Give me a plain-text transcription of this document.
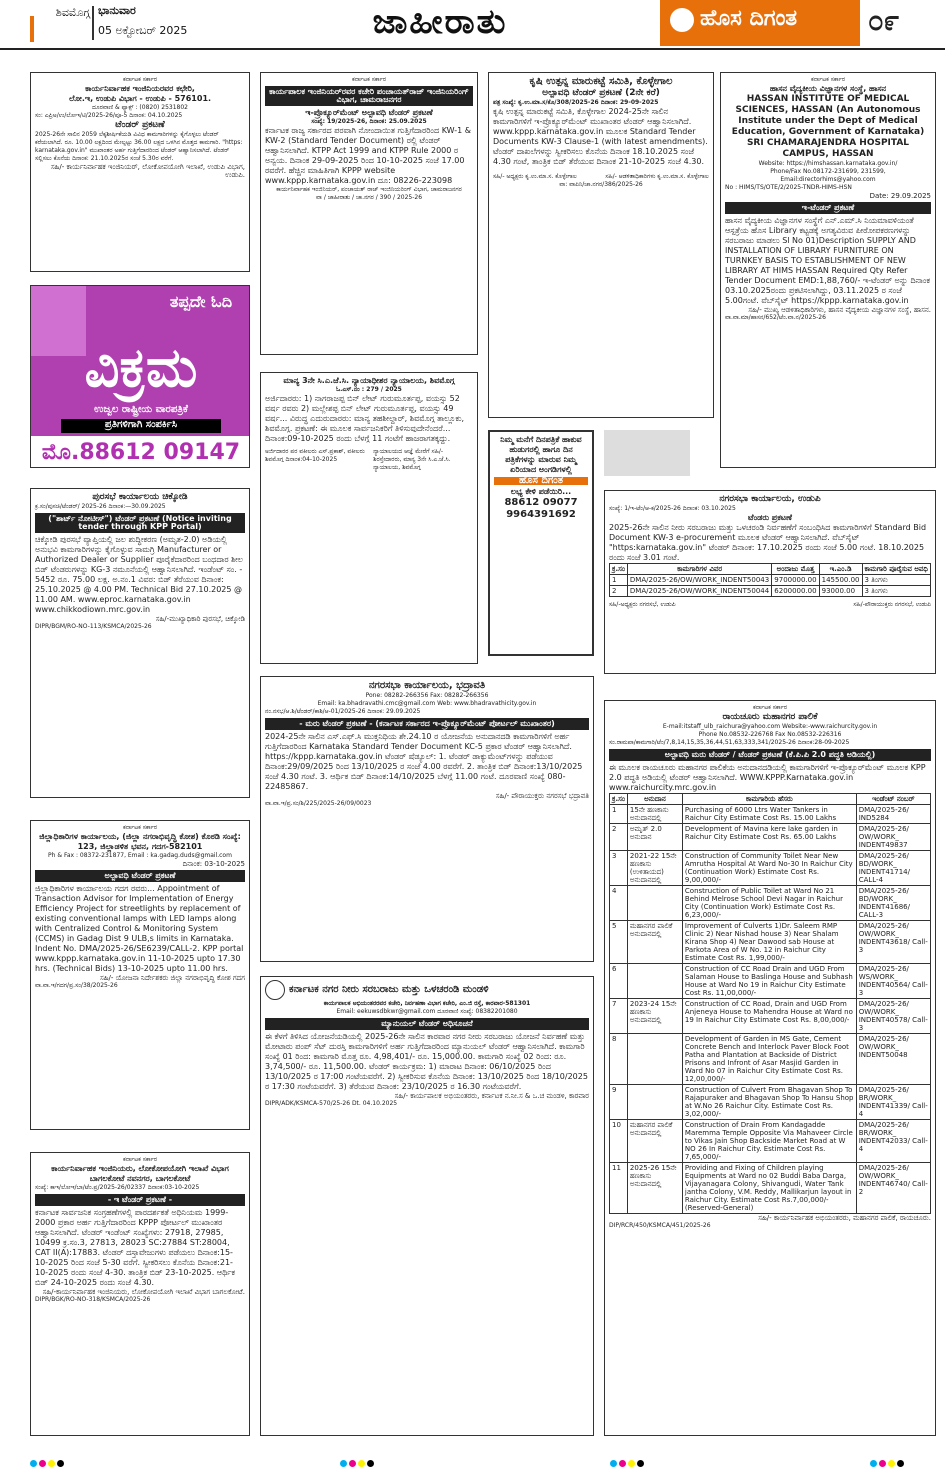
ಶಿವಮೊಗ್ಗ ಭಾನುವಾರ
05 ಅಕ್ಟೋಬರ್ 2025	ಜಾಹೀರಾತು	ಹೊಸ ದಿಗಂತ	೦೯
ಕರ್ನಾಟಕ ಸರ್ಕಾರ
ಕಾರ್ಯನಿರ್ವಾಹಕ ಇಂಜಿನಿಯರವರ ಕಛೇರಿ,
ಲೋ.ಇ, ಉಡುಪಿ ವಿಭಾಗ - ಉಡುಪಿ - 576101.
ದೂರವಾಣಿ & ಫ್ಯಾಕ್ಸ್ : (0820) 2531802
ಸಂ: ಎಪ್ರಿಅ/ಉ/ಲೋಇ/ಟಿ/2025-26/ಪೂ-5 ದಿನಾಂಕ: 04.10.2025
ಟೆಂಡರ್ ಪ್ರಕಟಣೆ
2025-26ನೇ ಸಾಲಿನ 2059 ಲೆಕ್ಕಶೀರ್ಷಿಕೆಯಡಿ ವಿವಿಧ ಕಾಮಗಾರಿಗಳನ್ನು ಕೈಗೊಳ್ಳಲು ಟೆಂಡರ್ ಕರೆಯಲಾಗಿದೆ. ರೂ. 10.00 ಲಕ್ಷದಿಂದ ಮೇಲ್ಪಟ್ಟು 36.00 ಲಕ್ಷದ ಒಳಗಿನ ಮೊತ್ತದ ಕಾಮಗಾರಿ. "https: karnataka.gov.in" ಮುಖಾಂತರ ಅರ್ಹ ಗುತ್ತಿಗೆದಾರರಿಂದ ಟೆಂಡರ್ ಆಹ್ವಾನಿಸಲಾಗಿದೆ. ಟೆಂಡರ್ ಸಲ್ಲಿಸಲು ಕೊನೆಯ ದಿನಾಂಕ: 21.10.2025ರ ಸಂಜೆ 5.30ರ ವರೆಗೆ.
ಸಹಿ/- ಕಾರ್ಯನಿರ್ವಾಹಕ ಇಂಜಿನಿಯರ್, ಲೋಕೋಪಯೋಗಿ ಇಲಾಖೆ, ಉಡುಪಿ ವಿಭಾಗ, ಉಡುಪಿ.
ತಪ್ಪದೇ ಓದಿ
ವಿಕ್ರಮ
ಉಜ್ವಲ ರಾಷ್ಟ್ರೀಯ ವಾರಪತ್ರಿಕೆ
ಪ್ರತಿಗಳಿಗಾಗಿ ಸಂಪರ್ಕಿಸಿ
ಮೊ.88612 09147
ಪುರಸಭೆ ಕಾರ್ಯಾಲಯ ಚಿಕ್ಕೋಡಿ
ಕ್ರ.ಸಂ/ಪುಸಚಿ/ಟೆಂಡರ್/ 2025-26 ದಿನಾಂಕ:—30.09.2025
("ಶಾರ್ಟ್ ನೋಟೀಸ್") ಟೆಂಡರ್ ಪ್ರಕಟಣೆ (Notice inviting tender through KPP Portal)
ಚಿಕ್ಕೋಡಿ ಪುರಸಭೆ ವ್ಯಾಪ್ತಿಯಲ್ಲಿ ಜಲ ಶುದ್ಧೀಕರಣ (ಅಮೃತ-2.0) ಅಡಿಯಲ್ಲಿ ಅನುಭವಿ ಕಾಮಗಾರಿಗಳನ್ನು ಕೈಗೊಳ್ಳುವ ಸಾಮಗ್ರಿ Manufacturer or Authorized Dealer or Supplier ಪೂರೈಕೆದಾರರಿಂದ ಬಂಧದಾರ ಶೀಲ ಬಿಡ್ ಟೆಂಡರುಗಳನ್ನು KG-3 ನಮೂನೆಯಲ್ಲಿ ಆಹ್ವಾನಿಸಲಾಗಿದೆ. ಇಂಡೆಂಟ್ ಸಂ. - 5452 ರೂ. 75.00 ಲಕ್ಷ. ಅ.ನಂ.1 ವಿವರ: ಬಿಡ್ ತೆರೆಯುವ ದಿನಾಂಕ: 25.10.2025 @ 4.00 PM. Technical Bid 27.10.2025 @ 11.00 AM. www.eproc.karnataka.gov.in www.chikkodiown.mrc.gov.in
ಸಹಿ/-ಮುಖ್ಯಾಧಿಕಾರಿ ಪುರಸಭೆ, ಚಿಕ್ಕೋಡಿ
DIPR/BGM/RO-NO-113/KSMCA/2025-26
ಕರ್ನಾಟಕ ಸರ್ಕಾರ
ಜಿಲ್ಲಾಧಿಕಾರಿಗಳ ಕಾರ್ಯಾಲಯ, (ಜಿಲ್ಲಾ ನಗರಾಭಿವೃದ್ಧಿ ಕೋಶ) ಕೊಠಡಿ ಸಂಖ್ಯೆ: 123, ಜಿಲ್ಲಾಡಳಿತ ಭವನ, ಗದಗ-582101
Ph & Fax : 08372-231877, Email : ka.gadag.duds@gmail.com
ದಿನಾಂಕ: 03-10-2025
ಅಲ್ಪಾವಧಿ ಟೆಂಡರ್ ಪ್ರಕಟಣೆ
ಜಿಲ್ಲಾಧಿಕಾರಿಗಳ ಕಾರ್ಯಾಲಯ ಗದಗ ರವರು... Appointment of Transaction Advisor for Implementation of Energy Efficiency Project for streetlights by replacement of existing conventional lamps with LED lamps along with Centralized Control & Monitoring System (CCMS) in Gadag Dist 9 ULB,s limits in Karnataka. Indent No. DMA/2025-26/SE6239/CALL-2. KPP portal www.kppp.karnataka.gov.in 11-10-2025 upto 17.30 hrs. (Technical Bids) 13-10-2025 upto 11.00 hrs.
ಸಹಿ/- ಯೋಜನಾ ನಿರ್ದೇಶಕರು ಜಿಲ್ಲಾ ನಗರಾಭಿವೃದ್ಧಿ ಕೋಶ ಗದಗ
ವಾ.ವಾ.ಇ/ಗದಗ/ಪ್ರ.ಸಂ/38/2025-26
ಕರ್ನಾಟಕ ಸರ್ಕಾರ
ಕಾರ್ಯನಿರ್ವಾಹಕ ಇಂಜಿನಿಯರು, ಲೋಕೋಪಯೋಗಿ ಇಲಾಖೆ ವಿಭಾಗ ಬಾಗಲಕೋಟೆ ನವನಗರ, ಬಾಗಲಕೋಟೆ
ಸಂಖ್ಯೆ: ಕಾಇ/ಲೋಇ/ಬಾ/ಟೆಂ.ಪ್ರ/2025-26/02337 ದಿನಾಂಕ:03-10-2025
- ಇ ಟೆಂಡರ್ ಪ್ರಕಟಣೆ -
ಕರ್ನಾಟಕ ಸಾರ್ವಜನಿಕ ಸಂಗ್ರಹಣೆಗಳಲ್ಲಿ ಪಾರದರ್ಶಕತೆ ಅಧಿನಿಯಮ 1999-2000 ಪ್ರಕಾರ ಅರ್ಹ ಗುತ್ತಿಗೆದಾರರಿಂದ KPPP ಪೋರ್ಟಲ್ ಮುಖಾಂತರ ಆಹ್ವಾನಿಸಲಾಗಿದೆ. ಟೆಂಡರ್ ಇಂಡೆಂಟ್ ಸಂಖ್ಯೆಗಳು: 27918, 27985, 10499 ಕ್ರ.ಸಂ.3, 27813, 28023 SC:27884 ST:28004, CAT II(A):17883. ಟೆಂಡರ್ ದಸ್ತಾವೇಜುಗಳು ಪಡೆಯಲು ದಿನಾಂಕ:15-10-2025 ರಿಂದ ಸಂಜೆ 5-30 ವರೆಗೆ. ಸ್ವೀಕರಿಸಲು ಕೊನೆಯ ದಿನಾಂಕ:21-10-2025 ರಂದು ಸಂಜೆ 4-30. ತಾಂತ್ರಿಕ ಬಿಡ್ 23-10-2025. ಆರ್ಥಿಕ ಬಿಡ್ 24-10-2025 ರಂದು ಸಂಜೆ 4.30.
ಸಹಿ/-ಕಾರ್ಯನಿರ್ವಾಹಕ ಇಂಜಿನಿಯರು, ಲೋಕೋಪಯೋಗಿ ಇಲಾಖೆ ವಿಭಾಗ ಬಾಗಲಕೋಟೆ.
DIPR/BGK/RO-NO-318/KSMCA/2025-26
ಕರ್ನಾಟಕ ಸರ್ಕಾರ
ಕಾರ್ಯಪಾಲಕ ಇಂಜಿನಿಯರ್‌ರವರ ಕಚೇರಿ ಪಂಚಾಯತ್‌ರಾಜ್ ಇಂಜಿನಿಯರಿಂಗ್ ವಿಭಾಗ, ಚಾಮರಾಜನಗರ
ಇ-ಪ್ರೊಕ್ಯೂರ್‌ಮೆಂಟ್ ಅಲ್ಪಾವಧಿ ಟೆಂಡರ್ ಪ್ರಕಟಣೆ
ಸಂಖ್ಯೆ: 19/2025-26, ದಿನಾಂಕ: 25.09.2025
ಕರ್ನಾಟಕ ರಾಜ್ಯ ಸರ್ಕಾರದ ಪರವಾಗಿ ನೋಂದಾಯಿತ ಗುತ್ತಿಗೆದಾರರಿಂದ KW-1 & KW-2 (Standard Tender Document) ರಲ್ಲಿ ಟೆಂಡರ್ ಆಹ್ವಾನಿಸಲಾಗಿದೆ. KTPP Act 1999 and KTPP Rule 2000 ರ ಅನ್ವಯ. ದಿನಾಂಕ 29-09-2025 ರಿಂದ 10-10-2025 ಸಂಜೆ 17.00 ರವರೆಗೆ. ಹೆಚ್ಚಿನ ಮಾಹಿತಿಗಾಗಿ KPPP website www.kppp.karnataka.gov.in ದೂ: 08226-223098
ಕಾರ್ಯನಿರ್ವಾಹಕ ಇಂಜಿನಿಯರ್, ಪಂಚಾಯತ್ ರಾಜ್ ಇಂಜಿನಿಯರಿಂಗ್ ವಿಭಾಗ, ಚಾಮರಾಜನಗರ
ವಾ / ಜಾಹೀರಾತು / ಚಾ.ನಗರ / 390 / 2025-26
ಮಾನ್ಯ 3ನೇ ಸಿ.ಎ.ಜೆ.ಸಿ. ನ್ಯಾಯಾಧೀಶರ ನ್ಯಾಯಾಲಯ, ಶಿವಮೊಗ್ಗ
ಓ.ಎಸ್.ನಂ : 279 / 2025
ಅರ್ಜಿದಾರರು: 1) ನಾಗರಾಜಪ್ಪ ಬಿನ್ ಲೇಟ್ ಗುರುಮೂರ್ತಪ್ಪ, ವಯಸ್ಸು 52 ವರ್ಷ ರವರು 2) ಮಲ್ಲೇಶಪ್ಪ ಬಿನ್ ಲೇಟ್ ಗುರುಮೂರ್ತಪ್ಪ, ವಯಸ್ಸು 49 ವರ್ಷ... ವಿರುದ್ಧ ಎದುರುದಾರರು: ಮಾನ್ಯ ತಹಶೀಲ್ದಾರ್, ಶಿವಮೊಗ್ಗ ತಾಲ್ಲೂಕು, ಶಿವಮೊಗ್ಗ. ಪ್ರಕಟಣೆ: ಈ ಮೂಲಕ ಸಾರ್ವಜನಿಕರಿಗೆ ತಿಳಿಸುವುದೇನೆಂದರೆ... ದಿನಾಂಕ:09-10-2025 ರಂದು ಬೆಳಗ್ಗೆ 11 ಗಂಟೆಗೆ ಹಾಜರಾಗತಕ್ಕದ್ದು.
ಅರ್ಜಿದಾರರ ಪರ ವಕೀಲರು ಎಸ್.ಪ್ರಕಾಶ್, ವಕೀಲರು ಶಿವಮೊಗ್ಗ ದಿನಾಂಕ:04-10-2025
ನ್ಯಾಯಾಲಯದ ಆಜ್ಞೆ ಮೇರೆಗೆ ಸಹಿ/- ಶಿರಸ್ತೇದಾರರು, ಮಾನ್ಯ 3ನೇ ಸಿ.ಎ.ಜೆ.ಸಿ. ನ್ಯಾಯಾಲಯ, ಶಿವಮೊಗ್ಗ
ಕೃಷಿ ಉತ್ಪನ್ನ ಮಾರುಕಟ್ಟೆ ಸಮಿತಿ, ಕೊಳ್ಳೇಗಾಲ
ಅಲ್ಪಾವಧಿ ಟೆಂಡರ್ ಪ್ರಕಟಣೆ (2ನೇ ಕರೆ)
ಪತ್ರ ಸಂಖ್ಯೆ: ಕೃ.ಉ.ಮಾ.ಸ/ಕೊ/308/2025-26 ದಿನಾಂಕ: 29-09-2025
ಕೃಷಿ ಉತ್ಪನ್ನ ಮಾರುಕಟ್ಟೆ ಸಮಿತಿ, ಕೊಳ್ಳೇಗಾಲ 2024-25ನೇ ಸಾಲಿನ ಕಾಮಗಾರಿಗಳಿಗೆ ಇ-ಪ್ರೊಕ್ಯೂರ್‌ಮೆಂಟ್ ಮುಖಾಂತರ ಟೆಂಡರ್ ಆಹ್ವಾನಿಸಲಾಗಿದೆ. www.kppp.karnataka.gov.in ಮೂಲಕ Standard Tender Documents KW-3 Clause-1 (with latest amendments). ಟೆಂಡರ್ ದಾಖಲೆಗಳನ್ನು ಸ್ವೀಕರಿಸಲು ಕೊನೆಯ ದಿನಾಂಕ 18.10.2025 ಸಂಜೆ 4.30 ಗಂಟೆ, ತಾಂತ್ರಿಕ ಬಿಡ್ ತೆರೆಯುವ ದಿನಾಂಕ 21-10-2025 ಸಂಜೆ 4.30.
ಸಹಿ/- ಅಧ್ಯಕ್ಷರು ಕೃ.ಉ.ಮಾ.ಸ. ಕೊಳ್ಳೇಗಾಲ	ಸಹಿ/- ಆಡಳಿತಾಧಿಕಾರಿಗಳು ಕೃ.ಉ.ಮಾ.ಸ. ಕೊಳ್ಳೇಗಾಲ
ವಾ: ವಾಪಿನಿ/ಚಾ.ನಗರ/386/2025-26
ನಿಮ್ಮ ಮನೆಗೆ ದಿನಪತ್ರಿಕೆ ಹಾಕುವ ಹುಡುಗರಲ್ಲಿ ಹಾಗೂ ದಿನ ಪತ್ರಿಕೆಗಳನ್ನು ಮಾರುವ ನಿಮ್ಮ ಏರಿಯಾದ ಅಂಗಡಿಗಳಲ್ಲಿ
ಹೊಸ ದಿಗಂತ
ಲಭ್ಯ ಕೇಳಿ ಪಡೆಯಿರಿ...
88612 09077
9964391692
ಕರ್ನಾಟಕ ಸರ್ಕಾರ
ಹಾಸನ ವೈದ್ಯಕೀಯ ವಿಜ್ಞಾನಗಳ ಸಂಸ್ಥೆ, ಹಾಸನ
HASSAN INSTITUTE OF MEDICAL SCIENCES, HASSAN (An Autonomous Institute under the Dept of Medical Education, Government of Karnataka) SRI CHAMARAJENDRA HOSPITAL CAMPUS, HASSAN
Website: https://himshassan.karnataka.gov.in/
Phone/Fax No.08172-231699, 231599,
Email:directorhims@yahoo.com
No : HIMS/TS/OTE/2/2025-TNDR-HIMS-HSN
Date: 29.09.2025
ಇ-ಟೆಂಡರ್ ಪ್ರಕಟಣೆ
ಹಾಸನ ವೈದ್ಯಕೀಯ ವಿಜ್ಞಾನಗಳ ಸಂಸ್ಥೆಗೆ ಎನ್.ಎಮ್.ಸಿ ನಿಯಮಾವಳಿಯಂತೆ ಆಸ್ಪತ್ರೆಯ ಹೊಸ Library ಕಟ್ಟಡಕ್ಕೆ ಅಗತ್ಯವಿರುವ ಪೀಠೋಪಕರಣಗಳನ್ನು ಸರಬರಾಜು ಮಾಡಲು Sl No 01)Description SUPPLY AND INSTALLATION OF LIBRARY FURNITURE ON TURNKEY BASIS TO ESTABLISHMENT OF NEW LIBRARY AT HIMS HASSAN Required Qty Refer Tender Document EMD:1,88,760/- ಇ-ಟೆಂಡರ್ ಅನ್ನು ದಿನಾಂಕ 03.10.2025ರಂದು ಪ್ರಕಟಿಸಲಾಗಿದ್ದು, 03.11.2025 ರ ಸಂಜೆ 5.00ಗಂಟೆ. ವೆಬ್‌ಸೈಟ್ https://kppp.karnataka.gov.in
ಸಹಿ/- ಮುಖ್ಯ ಆಡಳಿತಾಧಿಕಾರಿಗಳು, ಹಾಸನ ವೈದ್ಯಕೀಯ ವಿಜ್ಞಾನಗಳ ಸಂಸ್ಥೆ, ಹಾಸನ.
ವಾ.ವಾ.ಮಾ/ಹಾಸನ/652/ಟೆಂ.ವಾ.ನ/2025-26
ನಗರಸಭಾ ಕಾರ್ಯಾಲಯ, ಉಡುಪಿ
ಸಂಖ್ಯೆ: 1/ಇ-ಟೆಂ/ಆ-ಕ/2025-26 ದಿನಾಂಕ: 03.10.2025
ಟೆಂಡರು ಪ್ರಕಟಣೆ
2025-26ನೇ ಸಾಲಿನ ನೀರು ಸರಬರಾಜು ಮತ್ತು ಒಳಚರಂಡಿ ನಿರ್ವಹಣೆಗೆ ಸಂಬಂಧಿಸಿದ ಕಾಮಗಾರಿಗಳಿಗೆ Standard Bid Document KW-3 e-procurement ಮೂಲಕ ಟೆಂಡರ್ ಆಹ್ವಾನಿಸಲಾಗಿದೆ. ವೆಬ್‌ಸೈಟ್ "https:karnataka.gov.in" ಟೆಂಡರ್ ದಿನಾಂಕ: 17.10.2025 ರಂದು ಸಂಜೆ 5.00 ಗಂಟೆ. 18.10.2025 ರಂದು ಸಂಜೆ 3.01 ಗಂಟೆ.
ಕ್ರ.ಸಂ	ಕಾಮಗಾರಿಗಳ ವಿವರ	ಅಂದಾಜು ಮೊತ್ತ	ಇ.ಎಂ.ಡಿ	ಕಾಮಗಾರಿ ಪೂರೈಸುವ ಅವಧಿ
1	DMA/2025-26/OW/WORK_INDENT50043	9700000.00	145500.00	3 ತಿಂಗಳು
2	DMA/2025-26/OW/WORK_INDENT50044	6200000.00	93000.00	3 ತಿಂಗಳು
ಸಹಿ/-ಅಧ್ಯಕ್ಷರು ನಗರಸಭೆ, ಉಡುಪಿ	ಸಹಿ/-ಪೌರಾಯುಕ್ತರು ನಗರಸಭೆ, ಉಡುಪಿ
ನಗರಸಭಾ ಕಾರ್ಯಾಲಯ, ಭದ್ರಾವತಿ
Pone: 08282-266356 Fax: 08282-266356
Email: ka.bhadravathi.cmc@gmail.com Web: www.bhadravathicity.gov.in
ನಂ.ನಸಭ/ಆ.ಶಿ/ಟೆಂಡರ್/ಕಾಶಿ/ಆ-01/2025-26 ದಿನಾಂಕ: 29.09.2025
- ಮರು ಟೆಂಡರ್ ಪ್ರಕಟಣೆ - (ಕರ್ನಾಟಕ ಸರ್ಕಾರದ ಇ-ಪ್ರೊಕ್ಯೂರ್‌ಮೆಂಟ್ ಪೋರ್ಟಲ್ ಮುಖಾಂತರ)
2024-25ನೇ ಸಾಲಿನ ಎಸ್.ಎಫ್.ಸಿ ಮುಕ್ತನಿಧಿಯ ಶೇ.24.10 ರ ಯೋಜನೆಯ ಅನುದಾನದಡಿ ಕಾಮಗಾರಿಗಳಿಗೆ ಅರ್ಹ ಗುತ್ತಿಗೆದಾರರಿಂದ Karnataka Standard Tender Document KC-5 ಪ್ರಕಾರ ಟೆಂಡರ್ ಆಹ್ವಾನಿಸಲಾಗಿದೆ. https://kppp.karnataka.gov.in ಟೆಂಡರ್ ಷೆಡ್ಯೂಲ್: 1. ಟೆಂಡರ್ ಡಾಕ್ಯುಮೆಂಟ್‌ಗಳನ್ನು ಪಡೆಯುವ ದಿನಾಂಕ:29/09/2025 ರಿಂದ 13/10/2025 ರ ಸಂಜೆ 4.00 ರವರೆಗೆ. 2. ತಾಂತ್ರಿಕ ಬಿಡ್ ದಿನಾಂಕ:13/10/2025 ಸಂಜೆ 4.30 ಗಂಟೆ. 3. ಆರ್ಥಿಕ ಬಿಡ್ ದಿನಾಂಕ:14/10/2025 ಬೆಳಗ್ಗೆ 11.00 ಗಂಟೆ. ದೂರವಾಣಿ ಸಂಖ್ಯೆ 080-22485867.
ಸಹಿ/- ಪೌರಾಯುಕ್ತರು ನಗರಸಭೆ ಭದ್ರಾವತಿ
ವಾ.ವಾ.ಇ/ಪ್ರ.ಸಂ/ಶಿ/225/2025-26/09/0023
ಕರ್ನಾಟಕ ನಗರ ನೀರು ಸರಬರಾಜು ಮತ್ತು ಒಳಚರಂಡಿ ಮಂಡಳಿ
ಕಾರ್ಯಪಾಲಕ ಅಭಿಯಂತರರವರ ಕಚೇರಿ, ನಿರ್ವಹಣಾ ವಿಭಾಗ ಕಚೇರಿ, ಎಂ.ಜಿ ರಸ್ತೆ, ಕಾರವಾರ-581301
Email: eekuwsdbkwr@gmail.com ದೂರವಾಣಿ ಸಂಖ್ಯೆ: 08382201080
ಮ್ಯಾನುಯಲ್ ಟೆಂಡರ್ ಅಧಿಸೂಚನೆ
ಈ ಕೆಳಗೆ ತಿಳಿಸಿದ ಯೋಜನೆಯಡಿಯಲ್ಲಿ 2025-26ನೇ ಸಾಲಿನ ಕಾರವಾರ ನಗರ ನೀರು ಸರಬರಾಜು ಯೋಜನೆ ನಿರ್ವಹಣೆ ಮತ್ತು ಮೋಟಾರು ಪಂಪ್ ಸೆಟ್ ದುರಸ್ತಿ ಕಾಮಗಾರಿಗಳಿಗೆ ಅರ್ಹ ಗುತ್ತಿಗೆದಾರರಿಂದ ಮ್ಯಾನುಯಲ್ ಟೆಂಡರ್ ಆಹ್ವಾನಿಸಲಾಗಿದೆ. ಕಾಮಗಾರಿ ಸಂಖ್ಯೆ 01 ರಿಂದ: ಕಾಮಗಾರಿ ಮೊತ್ತ ರೂ. 4,98,401/- ರೂ. 15,000.00. ಕಾಮಗಾರಿ ಸಂಖ್ಯೆ 02 ರಿಂದ: ರೂ. 3,74,500/- ರೂ. 11,500.00. ಟೆಂಡರ್ ಕಾರ್ಯಕ್ರಮ: 1) ಮಾರಾಟ ದಿನಾಂಕ: 06/10/2025 ರಿಂದ 13/10/2025 ರ 17:00 ಗಂಟೆಯವರೆಗೆ. 2) ಸ್ವೀಕರಿಸುವ ಕೊನೆಯ ದಿನಾಂಕ: 13/10/2025 ರಿಂದ 18/10/2025 ರ 17:30 ಗಂಟೆಯವರೆಗೆ. 3) ತೆರೆಯುವ ದಿನಾಂಕ: 23/10/2025 ರ 16.30 ಗಂಟೆಯವರೆಗೆ.
ಸಹಿ/- ಕಾರ್ಯಪಾಲಕ ಅಭಿಯಂತರರು, ಕರ್ನಾಟಕ ನ.ನೀ.ಸ & ಒ.ಚ ಮಂಡಳಿ, ಕಾರವಾರ
DIPR/ADK/KSMCA-570/25-26 Dt. 04.10.2025
ಕರ್ನಾಟಕ ಸರ್ಕಾರ
ರಾಯಚೂರು ಮಹಾನಗರ ಪಾಲಿಕೆ
E-mail:itstaff_ulb_raichura@yahoo.com Website:-www.raichurcity.gov.in
Phone No.08532-226768 Fax No.08532-226316
ಸಂ.ರಾಮಪಾ/ಕಾಮಗಾರಿ/ಟೆಂ/7,8,14,15,35,36,44,51,63,333,341/2025-26 ದಿನಾಂಕ:28-09-2025
ಅಲ್ಪಾವಧಿ ಮರು ಟೆಂಡರ್ / ಟೆಂಡರ್ ಪ್ರಕಟಣೆ (ಕೆ.ಪಿ.ಪಿ 2.0 ಪದ್ಧತಿ ಅಡಿಯಲ್ಲಿ)
ಈ ಮೂಲಕ ರಾಯಚೂರು ಮಹಾನಗರ ಪಾಲಿಕೆಯ ಅನುದಾನದಡಿಯಲ್ಲಿ ಕಾಮಗಾರಿಗಳಿಗೆ ಇ-ಪ್ರೊಕ್ಯೂರ್‌ಮೆಂಟ್ ಮೂಲಕ KPP 2.0 ಪದ್ಧತಿ ಅಡಿಯಲ್ಲಿ ಟೆಂಡರ್ ಆಹ್ವಾನಿಸಲಾಗಿದೆ. WWW.KPPP.Karnataka.gov.in www.raichurcity.mrc.gov.in
ಕ್ರ.ಸಂ	ಅನುದಾನ	ಕಾಮಗಾರಿಯ ಹೆಸರು	ಇಂಡೆಂಟ್ ನಂಬರ್
1	15ನೇ ಹಣಕಾಸು ಅನುದಾನದಲ್ಲಿ	Purchasing of 6000 Ltrs Water Tankers in Raichur City Estimate Cost Rs. 15.00 Lakhs	DMA/2025-26/ IND5284
2	ಅಮೃತ್ 2.0 ಅನುದಾನ	Development of Mavina kere lake garden in Raichur City Estimate Cost Rs. 65.00 Lakhs	DMA/2025-26/ OW/WORK_ INDENT49837
3	2021-22 15ನೇ ಹಣಕಾಸು (ಉಳಿತಾಯದ) ಅನುದಾನದಲ್ಲಿ	Construction of Community Toilet Near New Amrutha Hospital At Ward No-30 In Raichur City (Continuation Work) Estimate Cost Rs. 9,00,000/-	DMA/2025-26/ BD/WORK_ INDENT41714/ CALL-4
4		Construction of Public Toilet at Ward No 21 Behind Melrose School Devi Nagar in Raichur City (Continuation Work) Estimate Cost Rs. 6,23,000/-	DMA/2025-26/ BD/WORK_ INDENT41686/ CALL-3
5	ಮಹಾನಗರ ಪಾಲಿಕೆ ಅನುದಾನದಲ್ಲಿ	Improvement of Culverts 1)Dr. Saleem RMP Clinic 2) Near Nishad house 3) Near Shalam Kirana Shop 4) Near Dawood sab House at Parkota Area of W No. 12 in Raichur City Estimate Cost Rs. 1,99,000/-	DMA/2025-26/ OW/WORK_ INDENT43618/ Call-3
6		Construction of CC Road Drain and UGD From Salaman House to Baslinga House and Subhash House at Ward No 19 in Raichur City Estimate Cost Rs. 11,00,000/-	DMA/2025-26/ WS/WORK_ INDENT40564/ Call-3
7	2023-24 15ನೇ ಹಣಕಾಸು ಅನುದಾನದಲ್ಲಿ	Construction of CC Road, Drain and UGD From Anjeneya House to Mahendra House at Ward no 19 In Raichur City Estimate Cost Rs. 8,00,000/-	DMA/2025-26/ OW/WORK_ INDENT40578/ Call-3
8		Development of Garden in MS Gate, Cement Concrete Bench and Interlock Paver Block Foot Patha and Plantation at Backside of District Prisons and Infront of Asar Masjid Garden in Ward No 07 in Raichur City Estimate Cost Rs. 12,00,000/-	DMA/2025-26/ OW/WORK_ INDENT50048
9		Construction of Culvert From Bhagavan Shop To Rajapuraker and Bhagavan Shop To Hansu Shop at W.No 26 Raichur City. Estimate Cost Rs. 3,02,000/-	DMA/2025-26/ BR/WORK_ INDENT41339/ Call-4
10	ಮಹಾನಗರ ಪಾಲಿಕೆ ಅನುದಾನದಲ್ಲಿ	Construction of Drain From Kandagadde Maremma Temple Opposite Via Mahaveer Circle to Vikas Jain Shop Backside Market Road at W NO 26 In Raichur City. Estimate Cost Rs. 7,65,000/-	DMA/2025-26/ BR/WORK_ INDENT42033/ Call-4
11	2025-26 15ನೇ ಹಣಕಾಸು ಅನುದಾನದಲ್ಲಿ	Providing and Fixing of Children playing Equipments at Ward no 02 Buddi Baba Darga, Vijayanagara Colony, Shivangudi, Water Tank jantha Colony, V.M. Reddy, Mallikarjun layout in Raichur City. Estimate Cost Rs.7,00,000/- (Reserved-General)	DMA/2025-26/ OW/WORK_ INDENT46740/ Call-2
ಸಹಿ/- ಕಾರ್ಯನಿರ್ವಾಹಕ ಅಭಿಯಂತರರು, ಮಹಾನಗರ ಪಾಲಿಕೆ, ರಾಯಚೂರು.
DIP/RCR/450/KSMCA/451/2025-26
